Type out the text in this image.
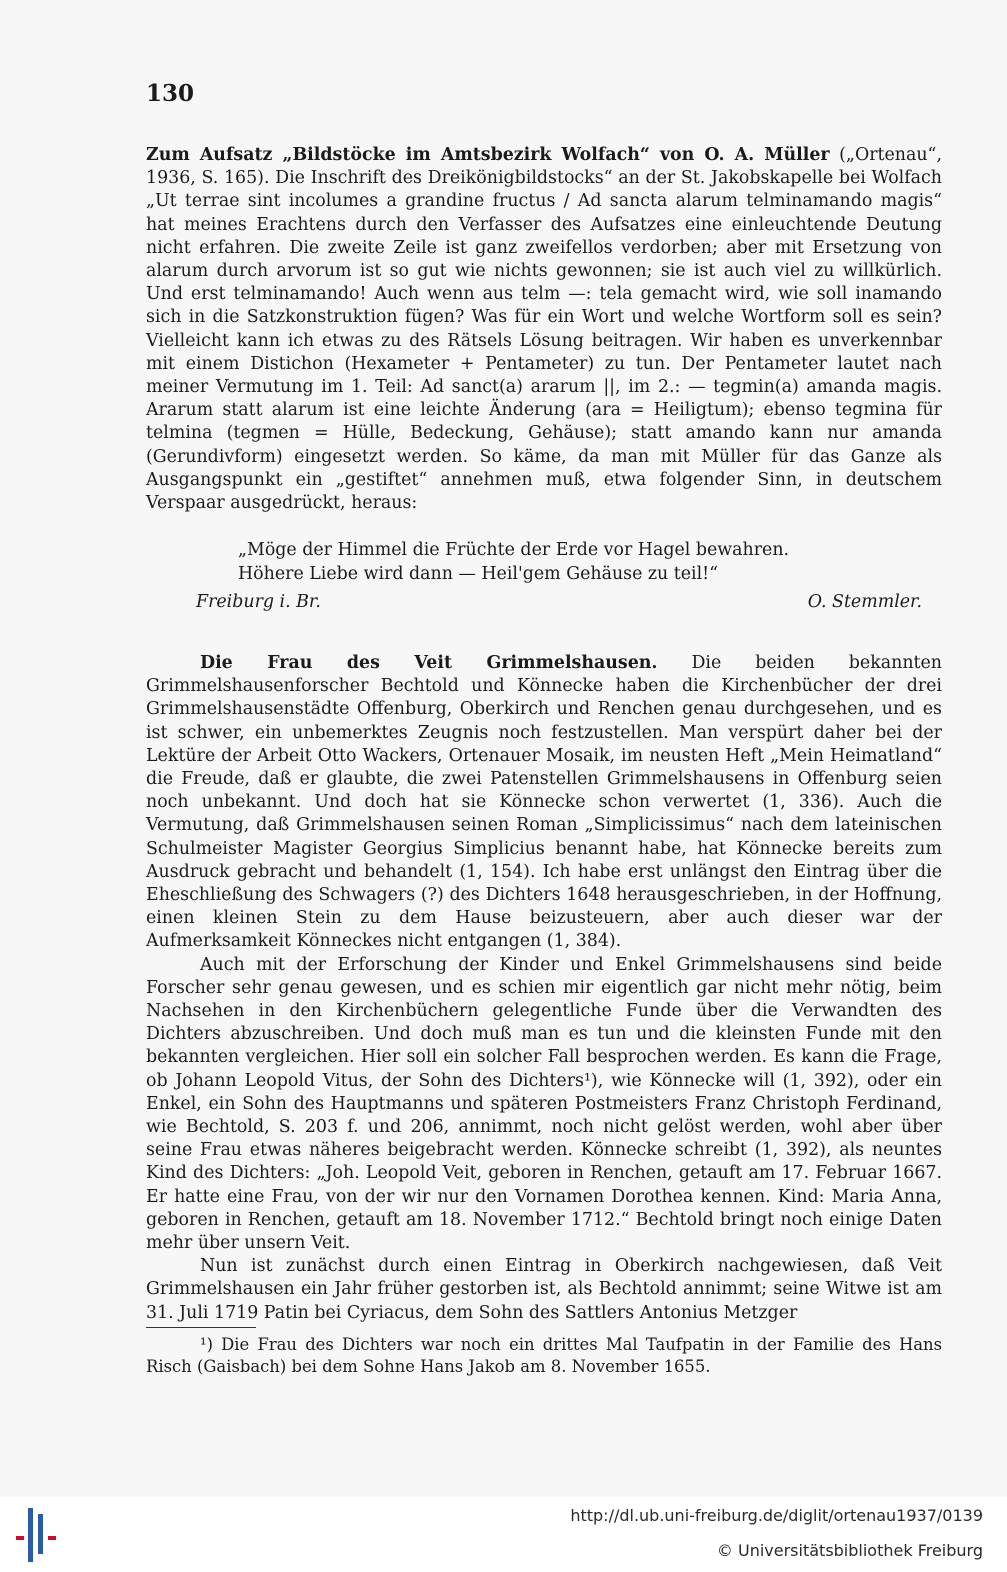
130

Zum Aufsatz „Bildstöcke im Amtsbezirk Wolfach“ von O. A. Müller („Ortenau“, 1936, S. 165). Die Inschrift des Dreikönigbildstocks“ an der St. Jakobskapelle bei Wolfach „Ut terrae sint incolumes a grandine fructus / Ad sancta alarum telminamando magis“ hat meines Erachtens durch den Verfasser des Aufsatzes eine einleuchtende Deutung nicht erfahren. Die zweite Zeile ist ganz zweifellos verdorben; aber mit Ersetzung von alarum durch arvorum ist so gut wie nichts gewonnen; sie ist auch viel zu willkürlich. Und erst telminamando! Auch wenn aus telm —: tela gemacht wird, wie soll inamando sich in die Satzkonstruktion fügen? Was für ein Wort und welche Wortform soll es sein? Vielleicht kann ich etwas zu des Rätsels Lösung beitragen. Wir haben es unverkennbar mit einem Distichon (Hexameter + Pentameter) zu tun. Der Pentameter lautet nach meiner Vermutung im 1. Teil: Ad sanct(a) ararum ||, im 2.: — tegmin(a) amanda magis. Ararum statt alarum ist eine leichte Änderung (ara = Heiligtum); ebenso tegmina für telmina (tegmen = Hülle, Bedeckung, Gehäuse); statt amando kann nur amanda (Gerundivform) eingesetzt werden. So käme, da man mit Müller für das Ganze als Ausgangspunkt ein „gestiftet“ annehmen muß, etwa folgender Sinn, in deutschem Verspaar ausgedrückt, heraus:

„Möge der Himmel die Früchte der Erde vor Hagel bewahren.
Höhere Liebe wird dann — Heil'gem Gehäuse zu teil!“
Freiburg i. Br.	O. Stemmler.

Die Frau des Veit Grimmelshausen. Die beiden bekannten Grimmelshausenforscher Bechtold und Könnecke haben die Kirchenbücher der drei Grimmelshausenstädte Offenburg, Oberkirch und Renchen genau durchgesehen, und es ist schwer, ein unbemerktes Zeugnis noch festzustellen. Man verspürt daher bei der Lektüre der Arbeit Otto Wackers, Ortenauer Mosaik, im neusten Heft „Mein Heimatland“ die Freude, daß er glaubte, die zwei Patenstellen Grimmelshausens in Offenburg seien noch unbekannt. Und doch hat sie Könnecke schon verwertet (1, 336). Auch die Vermutung, daß Grimmelshausen seinen Roman „Simplicissimus“ nach dem lateinischen Schulmeister Magister Georgius Simplicius benannt habe, hat Könnecke bereits zum Ausdruck gebracht und behandelt (1, 154). Ich habe erst unlängst den Eintrag über die Eheschließung des Schwagers (?) des Dichters 1648 herausgeschrieben, in der Hoffnung, einen kleinen Stein zu dem Hause beizusteuern, aber auch dieser war der Aufmerksamkeit Könneckes nicht entgangen (1, 384).

Auch mit der Erforschung der Kinder und Enkel Grimmelshausens sind beide Forscher sehr genau gewesen, und es schien mir eigentlich gar nicht mehr nötig, beim Nachsehen in den Kirchenbüchern gelegentliche Funde über die Verwandten des Dichters abzuschreiben. Und doch muß man es tun und die kleinsten Funde mit den bekannten vergleichen. Hier soll ein solcher Fall besprochen werden. Es kann die Frage, ob Johann Leopold Vitus, der Sohn des Dichters¹), wie Könnecke will (1, 392), oder ein Enkel, ein Sohn des Hauptmanns und späteren Postmeisters Franz Christoph Ferdinand, wie Bechtold, S. 203 f. und 206, annimmt, noch nicht gelöst werden, wohl aber über seine Frau etwas näheres beigebracht werden. Könnecke schreibt (1, 392), als neuntes Kind des Dichters: „Joh. Leopold Veit, geboren in Renchen, getauft am 17. Februar 1667. Er hatte eine Frau, von der wir nur den Vornamen Dorothea kennen. Kind: Maria Anna, geboren in Renchen, getauft am 18. November 1712.“ Bechtold bringt noch einige Daten mehr über unsern Veit.

Nun ist zunächst durch einen Eintrag in Oberkirch nachgewiesen, daß Veit Grimmelshausen ein Jahr früher gestorben ist, als Bechtold annimmt; seine Witwe ist am 31. Juli 1719 Patin bei Cyriacus, dem Sohn des Sattlers Antonius Metzger

¹) Die Frau des Dichters war noch ein drittes Mal Taufpatin in der Familie des Hans Risch (Gaisbach) bei dem Sohne Hans Jakob am 8. November 1655.
http://dl.ub.uni-freiburg.de/diglit/ortenau1937/0139
© Universitätsbibliothek Freiburg
